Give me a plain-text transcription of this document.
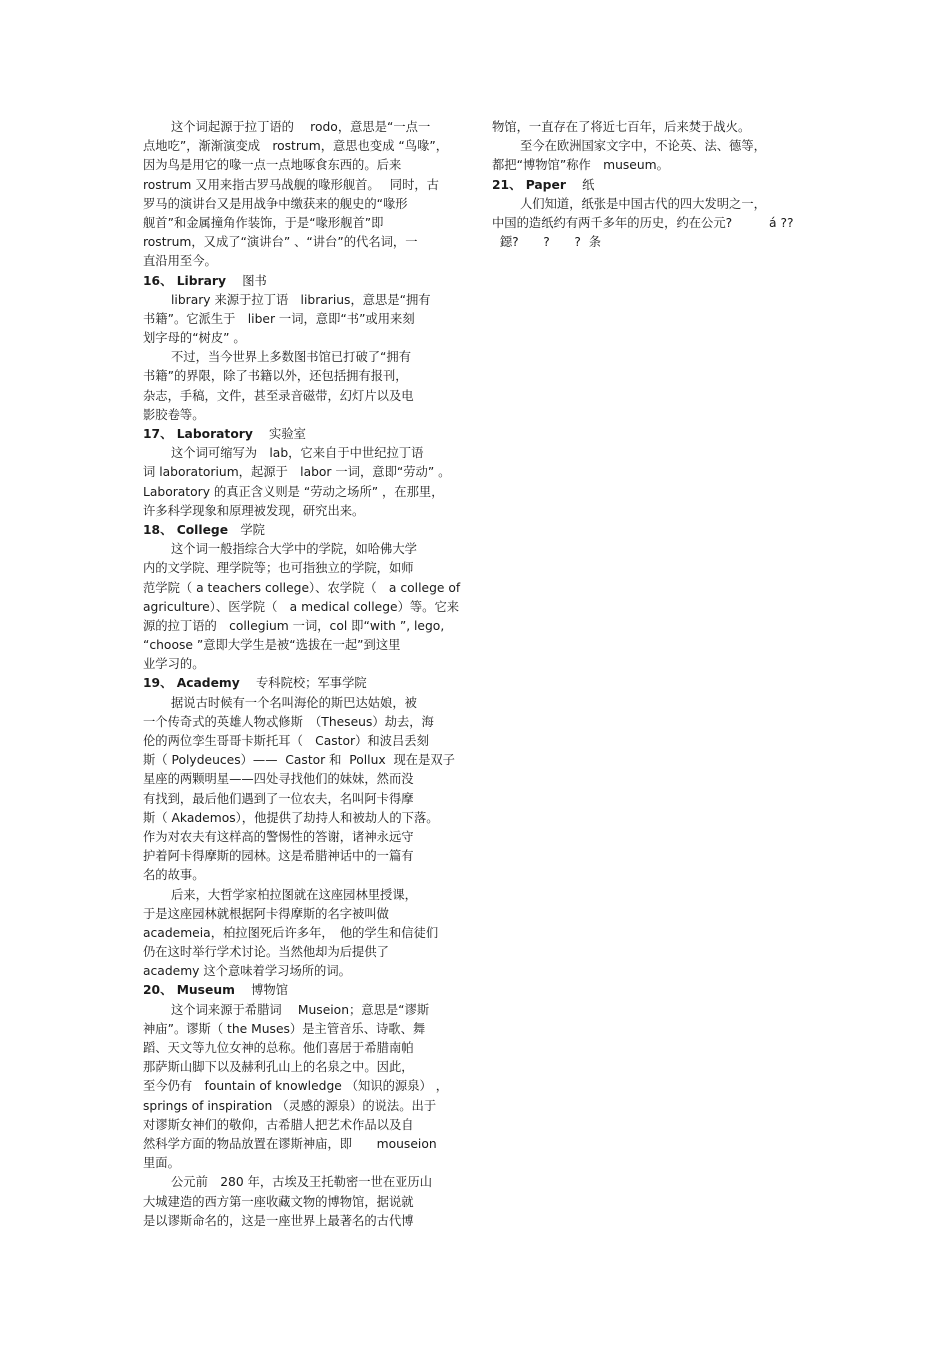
这个词起源于拉丁语的　 rodo，意思是“一点一
点地吃”，渐渐演变成　rostrum，意思也变成 “鸟喙”，
因为鸟是用它的喙一点一点地啄食东西的。后来
rostrum 又用来指古罗马战舰的喙形舰首。　 同时，古
罗马的演讲台又是用战争中缴获来的舰史的“喙形
舰首”和金属撞角作装饰，于是“喙形舰首”即
rostrum，又成了“演讲台” 、“讲台”的代名词，一
直沿用至今。
16、 Library　 图书
library 来源于拉丁语　librarius，意思是“拥有
书籍”。它派生于　liber 一词，意即“书”或用来刻
划字母的“树皮” 。
不过，当今世界上多数图书馆已打破了“拥有
书籍”的界限，除了书籍以外，还包括拥有报刊，
杂志，手稿，文件，甚至录音磁带，幻灯片以及电
影胶卷等。
17、 Laboratory　 实验室
这个词可缩写为　lab，它来自于中世纪拉丁语
词 laboratorium，起源于　labor 一词，意即“劳动” 。
Laboratory 的真正含义则是 “劳动之场所” ，在那里，
许多科学现象和原理被发现，研究出来。
18、 College　学院
这个词一般指综合大学中的学院，如哈佛大学
内的文学院、理学院等；也可指独立的学院，如师
范学院（ a teachers college）、农学院（　a college of
agriculture）、医学院（　a medical college）等。它来
源的拉丁语的　collegium 一词，col 即“with ”, lego,
“choose ”意即大学生是被“选拔在一起”到这里
业学习的。
19、 Academy　 专科院校；军事学院
据说古时候有一个名叫海伦的斯巴达姑娘，被
一个传奇式的英雄人物忒修斯　（Theseus）劫去，海
伦的两位孪生哥哥卡斯托耳（　Castor）和波吕丢刻
斯（ Polydeuces）——  Castor 和  Pollux  现在是双子
星座的两颗明星——四处寻找他们的妹妹，然而没
有找到，最后他们遇到了一位农夫，名叫阿卡得摩
斯（ Akademos），他提供了劫持人和被劫人的下落。
作为对农夫有这样高的警惕性的答谢，诸神永远守
护着阿卡得摩斯的园林。这是希腊神话中的一篇有
名的故事。
后来，大哲学家柏拉图就在这座园林里授课，
于是这座园林就根据阿卡得摩斯的名字被叫做
academeia，柏拉图死后许多年，　他的学生和信徒们
仍在这时举行学术讨论。当然他却为后提供了
academy 这个意味着学习场所的词。
20、 Museum　 博物馆
这个词来源于希腊词　 Museion；意思是“谬斯
神庙”。谬斯（ the Muses）是主管音乐、诗歌、舞
蹈、天文等九位女神的总称。他们喜居于希腊南帕
那萨斯山脚下以及赫利孔山上的名泉之中。因此，
至今仍有　fountain of knowledge （知识的源泉） ，
springs of inspiration （灵感的源泉）的说法。出于
对谬斯女神们的敬仰，古希腊人把艺术作品以及自
然科学方面的物品放置在谬斯神庙，即　　mouseion
里面。
公元前　280 年，古埃及王托勒密一世在亚历山
大城建造的西方第一座收藏文物的博物馆，据说就
是以谬斯命名的，这是一座世界上最著名的古代博
物馆，一直存在了将近七百年，后来焚于战火。
至今在欧洲国家文字中，不论英、法、德等，
都把“博物馆”称作　museum。
21、 Paper　 纸
人们知道，纸张是中国古代的四大发明之一，
中国的造纸约有两千多年的历史，约在公元?　　　á ??
鐚?　　?　　?  条
